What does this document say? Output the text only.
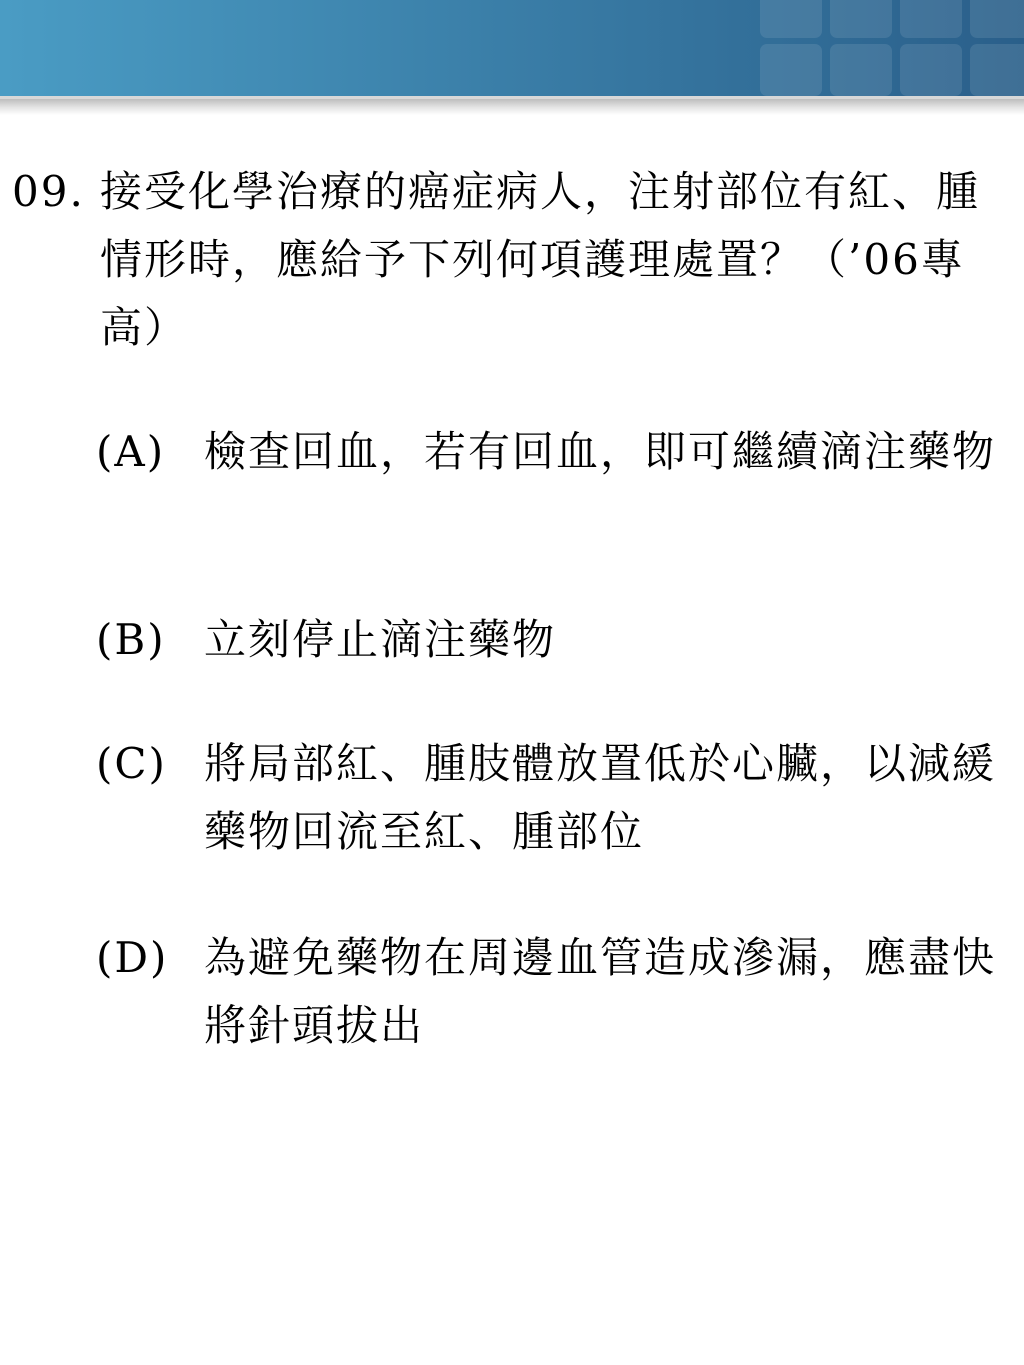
09. 接受化學治療的癌症病人，注射部位有紅、腫情形時，應給予下列何項護理處置？（’06專高）
(A) 檢查回血，若有回血，即可繼續滴注藥物
(B) 立刻停止滴注藥物
(C) 將局部紅、腫肢體放置低於心臟，以減緩藥物回流至紅、腫部位
(D) 為避免藥物在周邊血管造成滲漏，應盡快將針頭拔出
